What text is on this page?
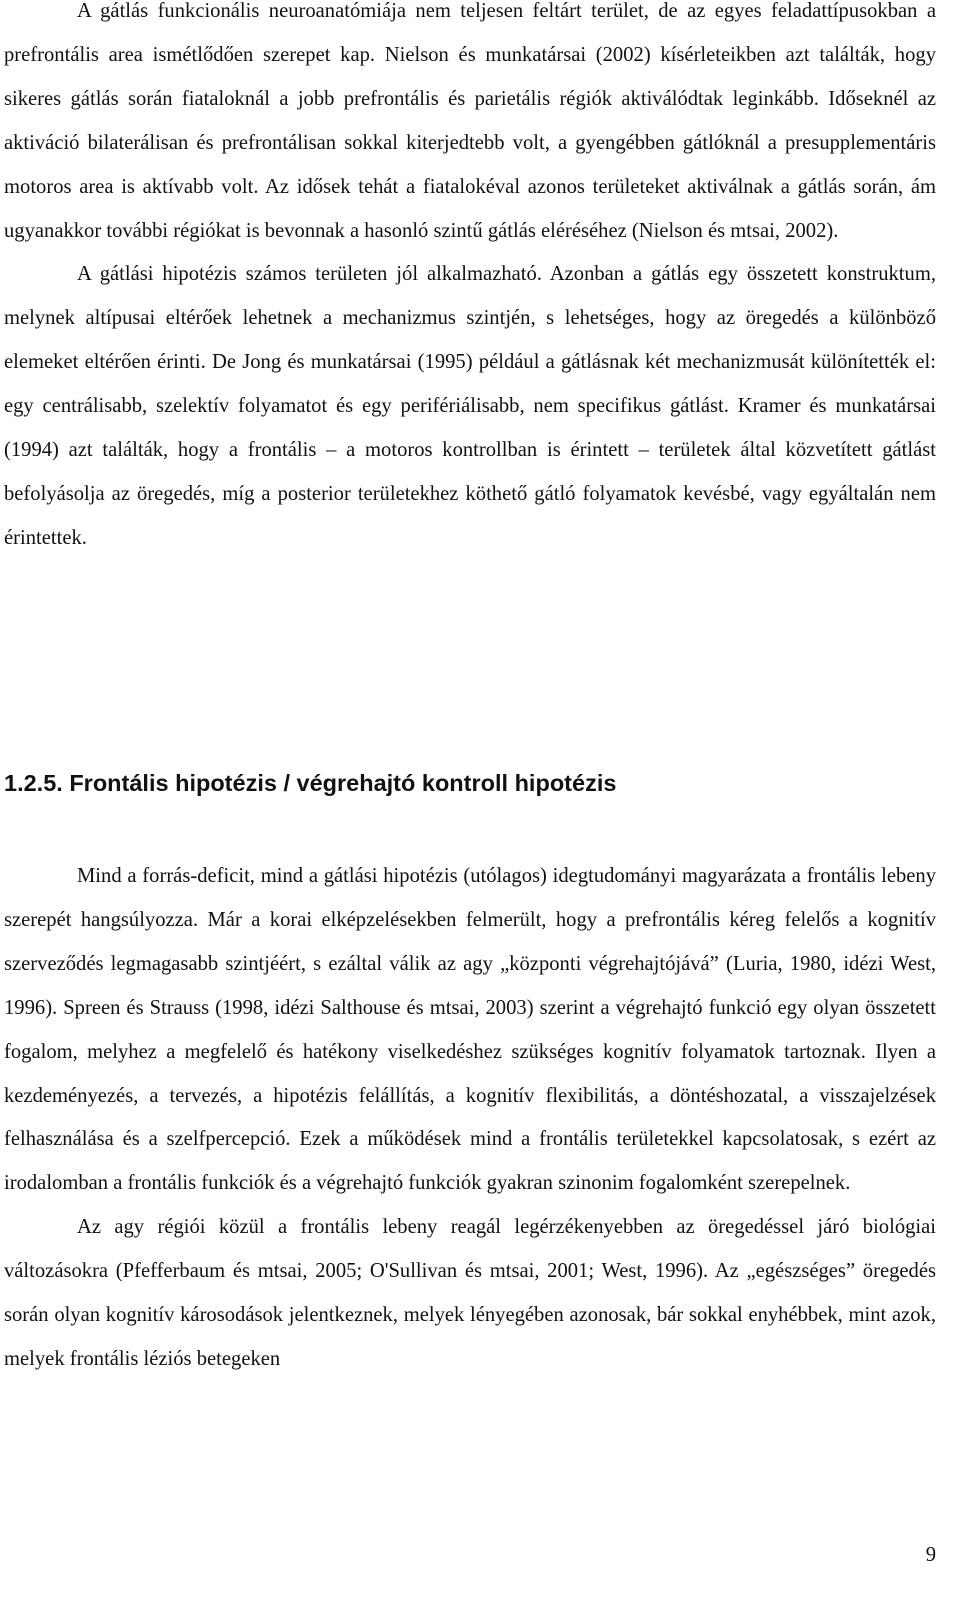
A gátlás funkcionális neuroanatómiája nem teljesen feltárt terület, de az egyes feladattípusokban a prefrontális area ismétlődően szerepet kap. Nielson és munkatársai (2002) kísérleteikben azt találták, hogy sikeres gátlás során fiataloknál a jobb prefrontális és parietális régiók aktiválódtak leginkább. Időseknél az aktiváció bilaterálisan és prefrontálisan sokkal kiterjedtebb volt, a gyengébben gátlóknál a presupplementáris motoros area is aktívabb volt. Az idősek tehát a fiatalokéval azonos területeket aktiválnak a gátlás során, ám ugyanakkor további régiókat is bevonnak a hasonló szintű gátlás eléréséhez (Nielson és mtsai, 2002).

A gátlási hipotézis számos területen jól alkalmazható. Azonban a gátlás egy összetett konstruktum, melynek altípusai eltérőek lehetnek a mechanizmus szintjén, s lehetséges, hogy az öregedés a különböző elemeket eltérően érinti. De Jong és munkatársai (1995) például a gátlásnak két mechanizmusát különítették el: egy centrálisabb, szelektív folyamatot és egy perifériálisabb, nem specifikus gátlást. Kramer és munkatársai (1994) azt találták, hogy a frontális – a motoros kontrollban is érintett – területek által közvetített gátlást befolyásolja az öregedés, míg a posterior területekhez köthető gátló folyamatok kevésbé, vagy egyáltalán nem érintettek.

1.2.5. Frontális hipotézis / végrehajtó kontroll hipotézis

Mind a forrás-deficit, mind a gátlási hipotézis (utólagos) idegtudományi magyarázata a frontális lebeny szerepét hangsúlyozza. Már a korai elképzelésekben felmerült, hogy a prefrontális kéreg felelős a kognitív szerveződés legmagasabb szintjéért, s ezáltal válik az agy „központi végrehajtójává” (Luria, 1980, idézi West, 1996). Spreen és Strauss (1998, idézi Salthouse és mtsai, 2003) szerint a végrehajtó funkció egy olyan összetett fogalom, melyhez a megfelelő és hatékony viselkedéshez szükséges kognitív folyamatok tartoznak. Ilyen a kezdeményezés, a tervezés, a hipotézis felállítás, a kognitív flexibilitás, a döntéshozatal, a visszajelzések felhasználása és a szelfpercepció. Ezek a működések mind a frontális területekkel kapcsolatosak, s ezért az irodalomban a frontális funkciók és a végrehajtó funkciók gyakran szinonim fogalomként szerepelnek.

Az agy régiói közül a frontális lebeny reagál legérzékenyebben az öregedéssel járó biológiai változásokra (Pfefferbaum és mtsai, 2005; O'Sullivan és mtsai, 2001; West, 1996). Az „egészséges” öregedés során olyan kognitív károsodások jelentkeznek, melyek lényegében azonosak, bár sokkal enyhébbek, mint azok, melyek frontális léziós betegeken

9
